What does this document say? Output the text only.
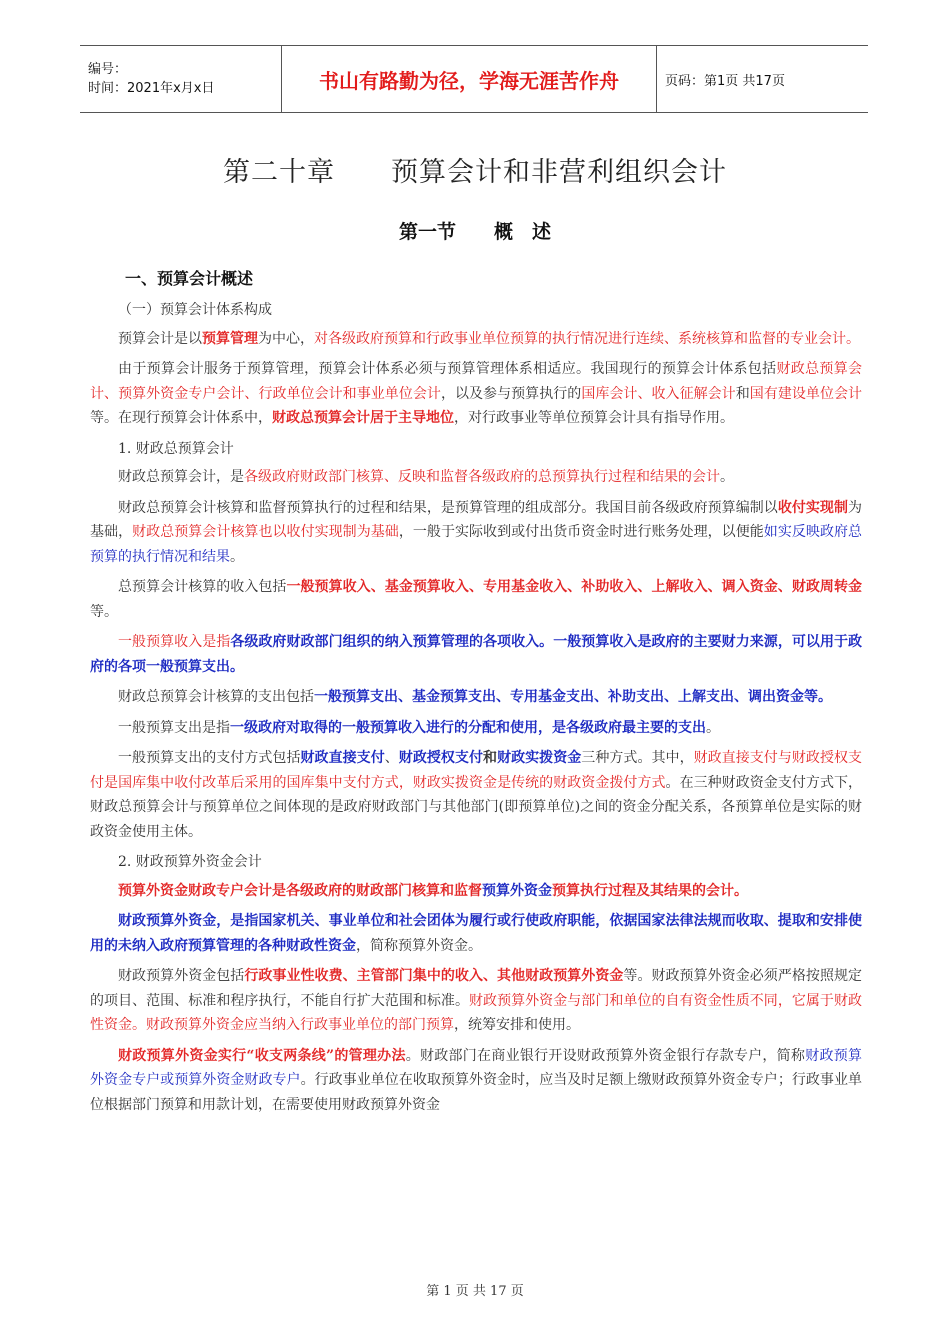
编号：
时间：2021年x月x日	书山有路勤为径，学海无涯苦作舟	页码：第1页 共17页
第二十章　　预算会计和非营利组织会计
第一节　　概　述
一、预算会计概述

（一）预算会计体系构成

预算会计是以预算管理为中心，对各级政府预算和行政事业单位预算的执行情况进行连续、系统核算和监督的专业会计。

由于预算会计服务于预算管理，预算会计体系必须与预算管理体系相适应。我国现行的预算会计体系包括财政总预算会计、预算外资金专户会计、行政单位会计和事业单位会计，以及参与预算执行的国库会计、收入征解会计和国有建设单位会计等。在现行预算会计体系中，财政总预算会计居于主导地位，对行政事业等单位预算会计具有指导作用。

1. 财政总预算会计

财政总预算会计，是各级政府财政部门核算、反映和监督各级政府的总预算执行过程和结果的会计。

财政总预算会计核算和监督预算执行的过程和结果，是预算管理的组成部分。我国目前各级政府预算编制以收付实现制为基础，财政总预算会计核算也以收付实现制为基础，一般于实际收到或付出货币资金时进行账务处理，以便能如实反映政府总预算的执行情况和结果。

总预算会计核算的收入包括一般预算收入、基金预算收入、专用基金收入、补助收入、上解收入、调入资金、财政周转金等。

一般预算收入是指各级政府财政部门组织的纳入预算管理的各项收入。一般预算收入是政府的主要财力来源，可以用于政府的各项一般预算支出。

财政总预算会计核算的支出包括一般预算支出、基金预算支出、专用基金支出、补助支出、上解支出、调出资金等。

一般预算支出是指一级政府对取得的一般预算收入进行的分配和使用，是各级政府最主要的支出。

一般预算支出的支付方式包括财政直接支付、财政授权支付和财政实拨资金三种方式。其中，财政直接支付与财政授权支付是国库集中收付改革后采用的国库集中支付方式，财政实拨资金是传统的财政资金拨付方式。在三种财政资金支付方式下，财政总预算会计与预算单位之间体现的是政府财政部门与其他部门(即预算单位)之间的资金分配关系，各预算单位是实际的财政资金使用主体。

2. 财政预算外资金会计

预算外资金财政专户会计是各级政府的财政部门核算和监督预算外资金预算执行过程及其结果的会计。

财政预算外资金，是指国家机关、事业单位和社会团体为履行或行使政府职能，依据国家法律法规而收取、提取和安排使用的未纳入政府预算管理的各种财政性资金，简称预算外资金。

财政预算外资金包括行政事业性收费、主管部门集中的收入、其他财政预算外资金等。财政预算外资金必须严格按照规定的项目、范围、标准和程序执行，不能自行扩大范围和标准。财政预算外资金与部门和单位的自有资金性质不同，它属于财政性资金。财政预算外资金应当纳入行政事业单位的部门预算，统筹安排和使用。

财政预算外资金实行“收支两条线”的管理办法。财政部门在商业银行开设财政预算外资金银行存款专户，简称财政预算外资金专户或预算外资金财政专户。行政事业单位在收取预算外资金时，应当及时足额上缴财政预算外资金专户；行政事业单位根据部门预算和用款计划，在需要使用财政预算外资金

第 1 页 共 17 页
